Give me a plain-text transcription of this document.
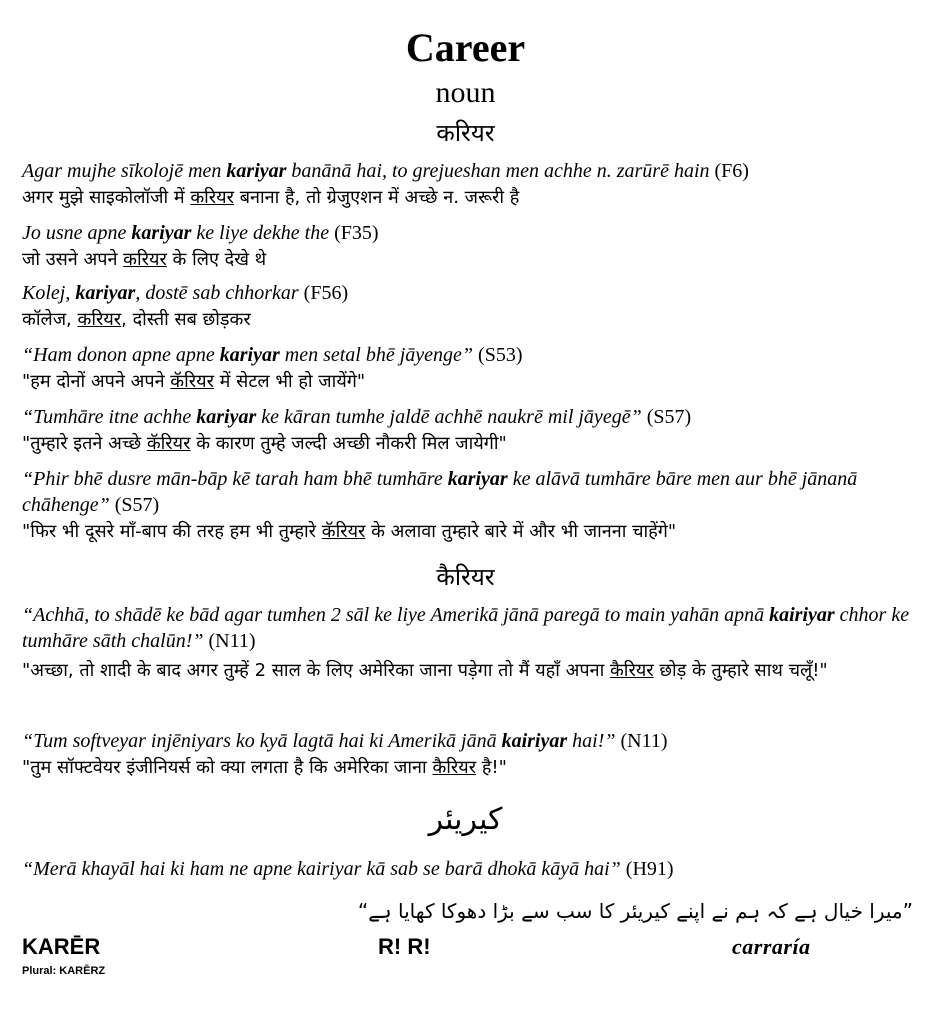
Career
noun
करियर

Agar mujhe sīkolojē men kariyar banānā hai, to grejueshan men achhe n. zarūrē hain (F6)

अगर मुझे साइकोलॉजी में करियर बनाना है, तो ग्रेजुएशन में अच्छे न. जरूरी है

Jo usne apne kariyar ke liye dekhe the (F35)

जो उसने अपने करियर के लिए देखे थे

Kolej, kariyar, dostē sab chhorkar (F56)

कॉलेज, करियर, दोस्ती सब छोड़कर

“Ham donon apne apne kariyar men setal bhē jāyenge” (S53)

"हम दोनों अपने अपने कॅरियर में सेटल भी हो जायेंगे"

“Tumhāre itne achhe kariyar ke kāran tumhe jaldē achhē naukrē mil jāyegē” (S57)

"तुम्हारे इतने अच्छे कॅरियर के कारण तुम्हे जल्दी अच्छी नौकरी मिल जायेगी"

“Phir bhē dusre mān-bāp kē tarah ham bhē tumhāre kariyar ke alāvā tumhāre bāre men aur bhē jānanā chāhenge” (S57)

"फिर भी दूसरे माँ-बाप की तरह हम भी तुम्हारे कॅरियर के अलावा तुम्हारे बारे में और भी जानना चाहेंगे"

कैरियर

“Achhā, to shādē ke bād agar tumhen 2 sāl ke liye Amerikā jānā paregā to main yahān apnā kairiyar chhor ke tumhāre sāth chalūn!” (N11)

"अच्छा, तो शादी के बाद अगर तुम्हें 2 साल के लिए अमेरिका जाना पड़ेगा तो मैं यहाँ अपना कैरियर छोड़ के तुम्हारे साथ चलूँ!"

“Tum softveyar injēniyars ko kyā lagtā hai ki Amerikā jānā kairiyar hai!” (N11)

"तुम सॉफ्टवेयर इंजीनियर्स को क्या लगता है कि अमेरिका जाना कैरियर है!"

کیریئر

“Merā khayāl hai ki ham ne apne kairiyar kā sab se barā dhokā kāyā hai” (H91)

”میرا خیال ہے کہ ہم نے اپنے کیریئر کا سب سے بڑا دھوکا کھایا ہے“
KARĒR
Plural: KARĒRZ
R! R!	carraría
